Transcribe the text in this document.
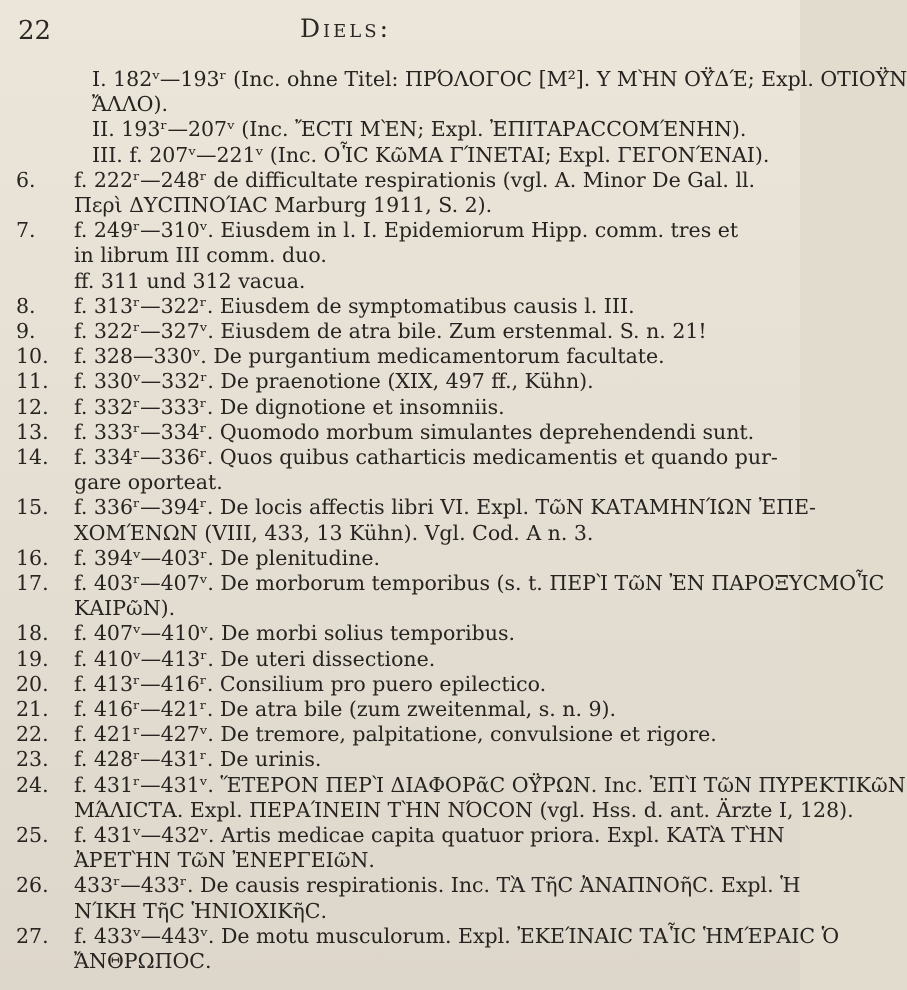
22	Diels:
I. 182ᵛ—193ʳ (Inc. ohne Titel: ΠΡΌΛΟΓΟϹ [Μ²]. Υ ΜῊΝ ΟΫ́ΔΈ; Expl. ΟΤΙΟΫ́Ν
ἌΛΛΟ).
II. 193ʳ—207ᵛ (Inc. ἜϹΤΙ ΜῈΝ; Expl. ἘΠΙΤΑΡΑϹϹΟΜΈΝΗΝ).
III. f. 207ᵛ—221ᵛ (Inc. ΟἿϹ ΚῶΜΑ ΓΊΝΕΤΑΙ; Expl. ΓΕΓΟΝΈΝΑΙ).
6.	f. 222ʳ—248ʳ de difficultate respirationis (vgl. A. Minor De Gal. ll.
Περὶ ΔΥϹΠΝΟΊΑϹ Marburg 1911, S. 2).
7.	f. 249ʳ—310ᵛ. Eiusdem in l. I. Epidemiorum Hipp. comm. tres et
in librum III comm. duo.
ff. 311 und 312 vacua.
8.	f. 313ʳ—322ʳ. Eiusdem de symptomatibus causis l. III.
9.	f. 322ʳ—327ᵛ. Eiusdem de atra bile. Zum erstenmal. S. n. 21!
10.	f. 328—330ᵛ. De purgantium medicamentorum facultate.
11.	f. 330ᵛ—332ʳ. De praenotione (XIX, 497 ff., Kühn).
12.	f. 332ʳ—333ʳ. De dignotione et insomniis.
13.	f. 333ʳ—334ʳ. Quomodo morbum simulantes deprehendendi sunt.
14.	f. 334ʳ—336ʳ. Quos quibus catharticis medicamentis et quando pur-
gare oporteat.
15.	f. 336ʳ—394ʳ. De locis affectis libri VI. Expl. ΤῶΝ ΚΑΤΑΜΗΝΊΩΝ ἘΠΕ-
ΧΟΜΈΝΩΝ (VIII, 433, 13 Kühn). Vgl. Cod. A n. 3.
16.	f. 394ᵛ—403ʳ. De plenitudine.
17.	f. 403ʳ—407ᵛ. De morborum temporibus (s. t. ΠΕΡῚ ΤῶΝ ἘΝ ΠΑΡΟΞΥϹΜΟἿϹ
ΚΑΙΡῶΝ).
18.	f. 407ᵛ—410ᵛ. De morbi solius temporibus.
19.	f. 410ᵛ—413ʳ. De uteri dissectione.
20.	f. 413ʳ—416ʳ. Consilium pro puero epilectico.
21.	f. 416ʳ—421ʳ. De atra bile (zum zweitenmal, s. n. 9).
22.	f. 421ʳ—427ᵛ. De tremore, palpitatione, convulsione et rigore.
23.	f. 428ʳ—431ʳ. De urinis.
24.	f. 431ʳ—431ᵛ. ἝΤΕΡΟΝ ΠΕΡῚ ΔΙΑΦΟΡᾶϹ ΟΫ́ΡΩΝ. Inc. ἘΠῚ ΤῶΝ ΠΥΡΕΚΤΙΚῶΝ
ΜΆΛΙϹΤΑ. Expl. ΠΕΡΑΊΝΕΙΝ ΤῊΝ ΝΌϹΟΝ (vgl. Hss. d. ant. Ärzte I, 128).
25.	f. 431ᵛ—432ᵛ. Artis medicae capita quatuor priora. Expl. ΚΑΤᾺ ΤῊΝ
ἈΡΕΤῊΝ ΤῶΝ ἘΝΕΡΓΕΙῶΝ.
26.	433ʳ—433ʳ. De causis respirationis. Inc. ΤᾺ ΤῆϹ ἈΝΑΠΝΟῆϹ. Expl. Ἡ
ΝΊΚΗ ΤῆϹ ἩΝΙΟΧΙΚῆϹ.
27.	f. 433ᵛ—443ᵛ. De motu musculorum. Expl. ἘΚΕΊΝΑΙϹ ΤΑἿϹ ἩΜΈΡΑΙϹ Ὁ
ἌΝΘΡΩΠΟϹ.
